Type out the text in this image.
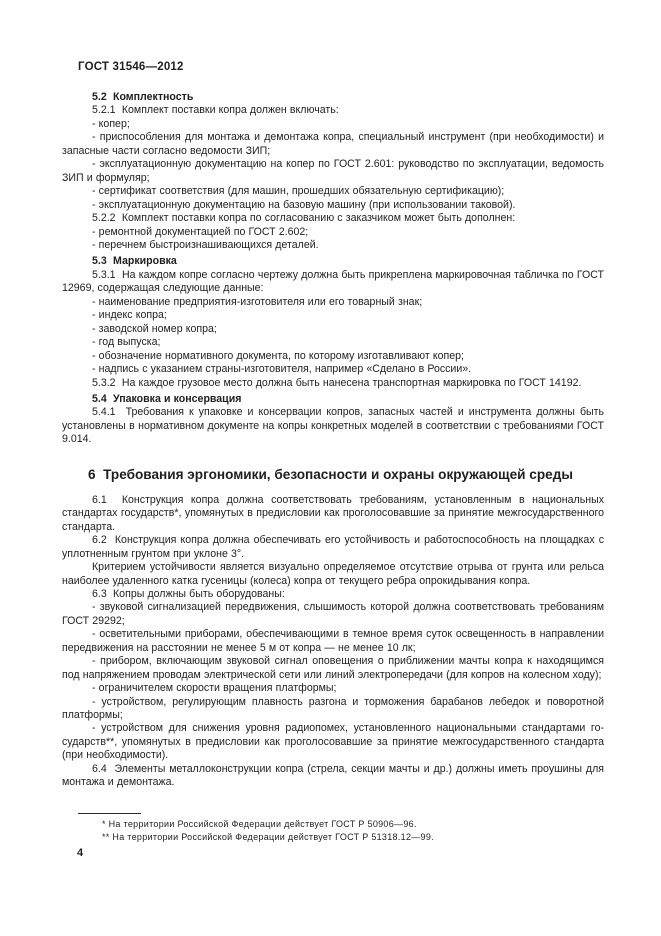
ГОСТ 31546—2012

5.2  Комплектность

5.2.1  Комплект поставки копра должен включать:

- копер;

- приспособления для монтажа и демонтажа копра, специальный инструмент (при необходимости) и запасные части согласно ведомости ЗИП;

- эксплуатационную документацию на копер по ГОСТ 2.601: руководство по эксплуатации, ведомость ЗИП и формуляр;

- сертификат соответствия (для машин, прошедших обязательную сертификацию);

- эксплуатационную документацию на базовую машину (при использовании таковой).

5.2.2  Комплект поставки копра по согласованию с заказчиком может быть дополнен:

- ремонтной документацией по ГОСТ 2.602;

- перечнем быстроизнашивающихся деталей.

5.3  Маркировка

5.3.1  На каждом копре согласно чертежу должна быть прикреплена маркировочная табличка по ГОСТ 12969, содержащая следующие данные:

- наименование предприятия-изготовителя или его товарный знак;

- индекс копра;

- заводской номер копра;

- год выпуска;

- обозначение нормативного документа, по которому изготавливают копер;

- надпись с указанием страны-изготовителя, например «Сделано в России».

5.3.2  На каждое грузовое место должна быть нанесена транспортная маркировка по ГОСТ 14192.

5.4  Упаковка и консервация

5.4.1  Требования к упаковке и консервации копров, запасных частей и инструмента должны быть установлены в нормативном документе на копры конкретных моделей в соответствии с требованиями ГОСТ 9.014.

6  Требования эргономики, безопасности и охраны окружающей среды

6.1  Конструкция копра должна соответствовать требованиям, установленным в национальных стандартах государств*, упомянутых в предисловии как проголосовавшие за принятие межгосударственного стандарта.

6.2  Конструкция копра должна обеспечивать его устойчивость и работоспособность на площадках с уплотненным грунтом при уклоне 3°.

Критерием устойчивости является визуально определяемое отсутствие отрыва от грунта или рельса наиболее удаленного катка гусеницы (колеса) копра от текущего ребра опрокидывания копра.

6.3  Копры должны быть оборудованы:

- звуковой сигнализацией передвижения, слышимость которой должна соответствовать требованиям ГОСТ 29292;

- осветительными приборами, обеспечивающими в темное время суток освещенность в направлении передвижения на расстоянии не менее 5 м от копра — не менее 10 лк;

- прибором, включающим звуковой сигнал оповещения о приближении мачты копра к находящимся под напряжением проводам электрической сети или линий электропередачи (для копров на колесном ходу);

- ограничителем скорости вращения платформы;

- устройством, регулирующим плавность разгона и торможения барабанов лебедок и поворотной платформы;

- устройством для снижения уровня радиопомех, установленного национальными стандартами государств**, упомянутых в предисловии как проголосовавшие за принятие межгосударственного стандарта (при необходимости).

6.4  Элементы металлоконструкции копра (стрела, секции мачты и др.) должны иметь проушины для монтажа и демонтажа.

* На территории Российской Федерации действует ГОСТ Р 50906—96.

** На территории Российской Федерации действует ГОСТ Р 51318.12—99.

4
